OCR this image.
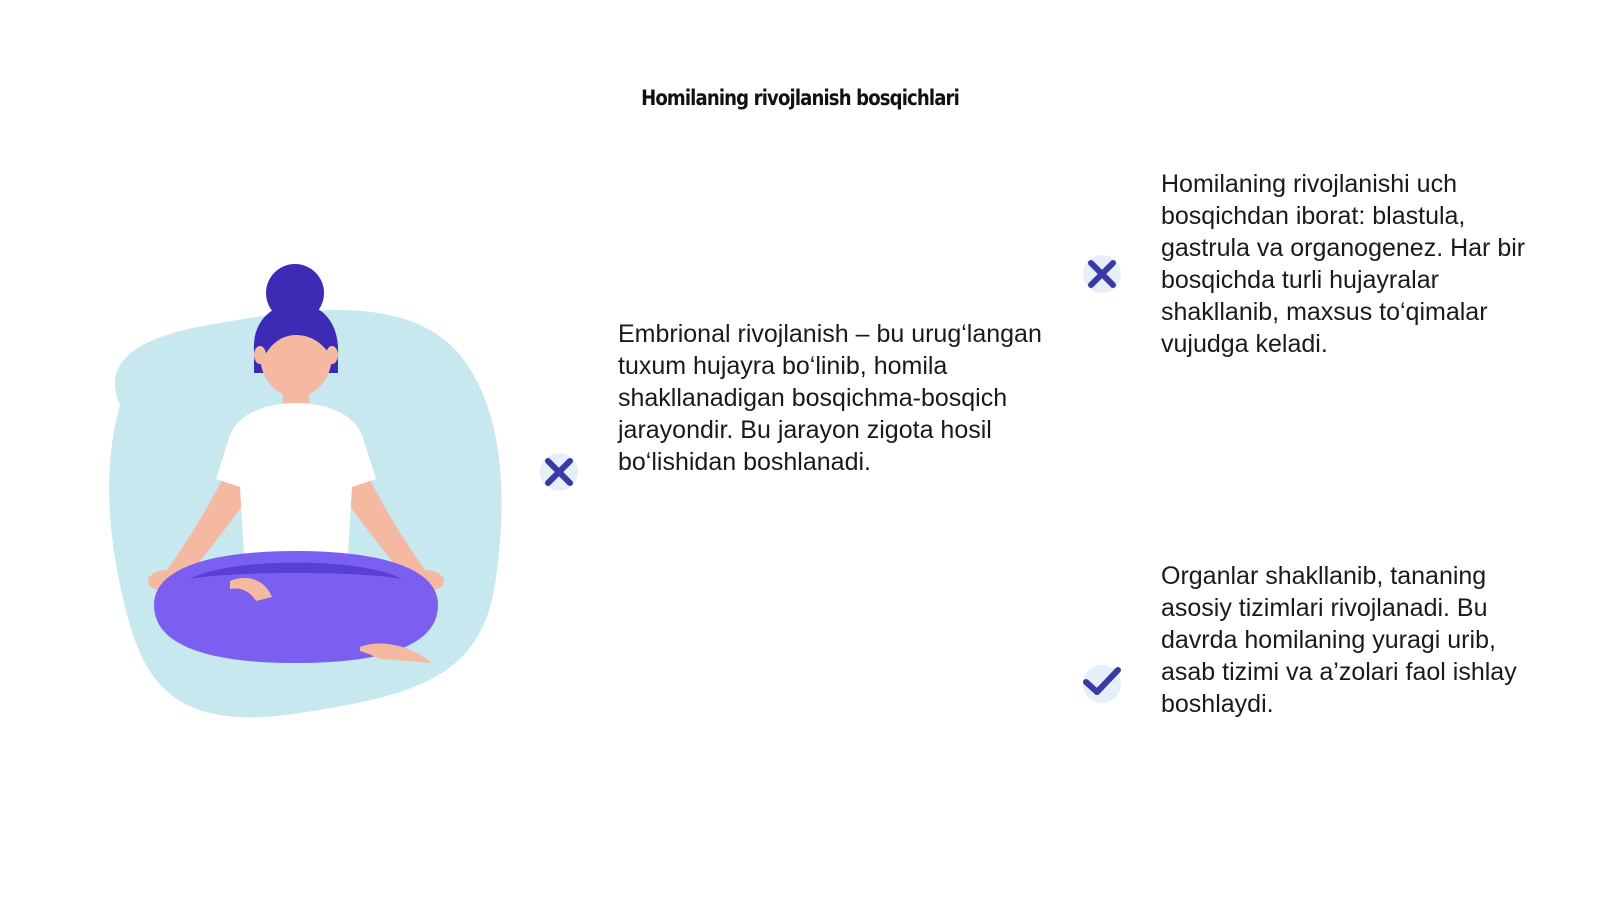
Homilaning rivojlanish bosqichlari
Embrional rivojlanish – bu urug‘langan tuxum hujayra bo‘linib, homila shakllanadigan bosqichma-bosqich jarayondir. Bu jarayon zigota hosil bo‘lishidan boshlanadi.
Homilaning rivojlanishi uch bosqichdan iborat: blastula, gastrula va organogenez. Har bir bosqichda turli hujayralar shakllanib, maxsus to‘qimalar vujudga keladi.
Organlar shakllanib, tananing asosiy tizimlari rivojlanadi. Bu davrda homilaning yuragi urib, asab tizimi va a’zolari faol ishlay boshlaydi.
